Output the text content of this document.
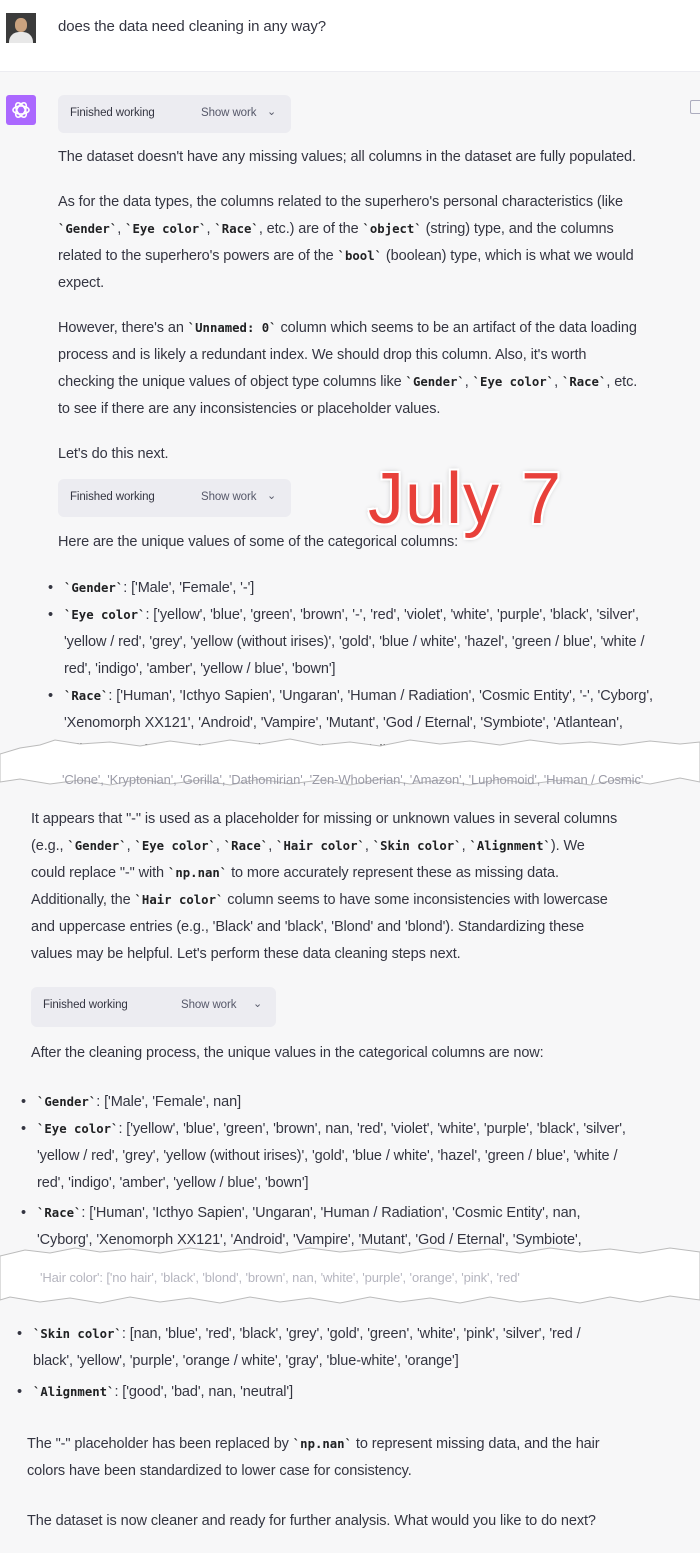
does the data need cleaning in any way?
Finished working	Show work ⌄
The dataset doesn't have any missing values; all columns in the dataset are fully populated.
As for the data types, the columns related to the superhero's personal characteristics (like
`Gender`, `Eye color`, `Race`, etc.) are of the `object` (string) type, and the columns
related to the superhero's powers are of the `bool` (boolean) type, which is what we would
expect.
However, there's an `Unnamed: 0` column which seems to be an artifact of the data loading
process and is likely a redundant index. We should drop this column. Also, it's worth
checking the unique values of object type columns like `Gender`, `Eye color`, `Race`, etc.
to see if there are any inconsistencies or placeholder values.
Let's do this next.
Finished working	Show work ⌄
Here are the unique values of some of the categorical columns:
• `Gender`: ['Male', 'Female', '-']
• `Eye color`: ['yellow', 'blue', 'green', 'brown', '-', 'red', 'violet', 'white', 'purple', 'black', 'silver',
'yellow / red', 'grey', 'yellow (without irises)', 'gold', 'blue / white', 'hazel', 'green / blue', 'white /
red', 'indigo', 'amber', 'yellow / blue', 'bown']
• `Race`: ['Human', 'Icthyo Sapien', 'Ungaran', 'Human / Radiation', 'Cosmic Entity', '-', 'Cyborg',
'Xenomorph XX121', 'Android', 'Vampire', 'Mutant', 'God / Eternal', 'Symbiote', 'Atlantean',
'Clone', 'Kryptonian', 'Gorilla', 'Dathomirian', 'Zen-Whoberian', 'Amazon', 'Luphomoid', 'Human / Cosmic'
July 7
It appears that "-" is used as a placeholder for missing or unknown values in several columns
(e.g., `Gender`, `Eye color`, `Race`, `Hair color`, `Skin color`, `Alignment`). We
could replace "-" with `np.nan` to more accurately represent these as missing data.
Additionally, the `Hair color` column seems to have some inconsistencies with lowercase
and uppercase entries (e.g., 'Black' and 'black', 'Blond' and 'blond'). Standardizing these
values may be helpful. Let's perform these data cleaning steps next.
Finished working	Show work ⌄
After the cleaning process, the unique values in the categorical columns are now:
• `Gender`: ['Male', 'Female', nan]
• `Eye color`: ['yellow', 'blue', 'green', 'brown', nan, 'red', 'violet', 'white', 'purple', 'black', 'silver',
'yellow / red', 'grey', 'yellow (without irises)', 'gold', 'blue / white', 'hazel', 'green / blue', 'white /
red', 'indigo', 'amber', 'yellow / blue', 'bown']
• `Race`: ['Human', 'Icthyo Sapien', 'Ungaran', 'Human / Radiation', 'Cosmic Entity', nan,
'Cyborg', 'Xenomorph XX121', 'Android', 'Vampire', 'Mutant', 'God / Eternal', 'Symbiote',
'Hair color': ['no hair', 'black', 'blond', 'brown', nan, 'white', 'purple', 'orange', 'pink', 'red'
• `Skin color`: [nan, 'blue', 'red', 'black', 'grey', 'gold', 'green', 'white', 'pink', 'silver', 'red /
black', 'yellow', 'purple', 'orange / white', 'gray', 'blue-white', 'orange']
• `Alignment`: ['good', 'bad', nan, 'neutral']
The "-" placeholder has been replaced by `np.nan` to represent missing data, and the hair
colors have been standardized to lower case for consistency.
The dataset is now cleaner and ready for further analysis. What would you like to do next?
